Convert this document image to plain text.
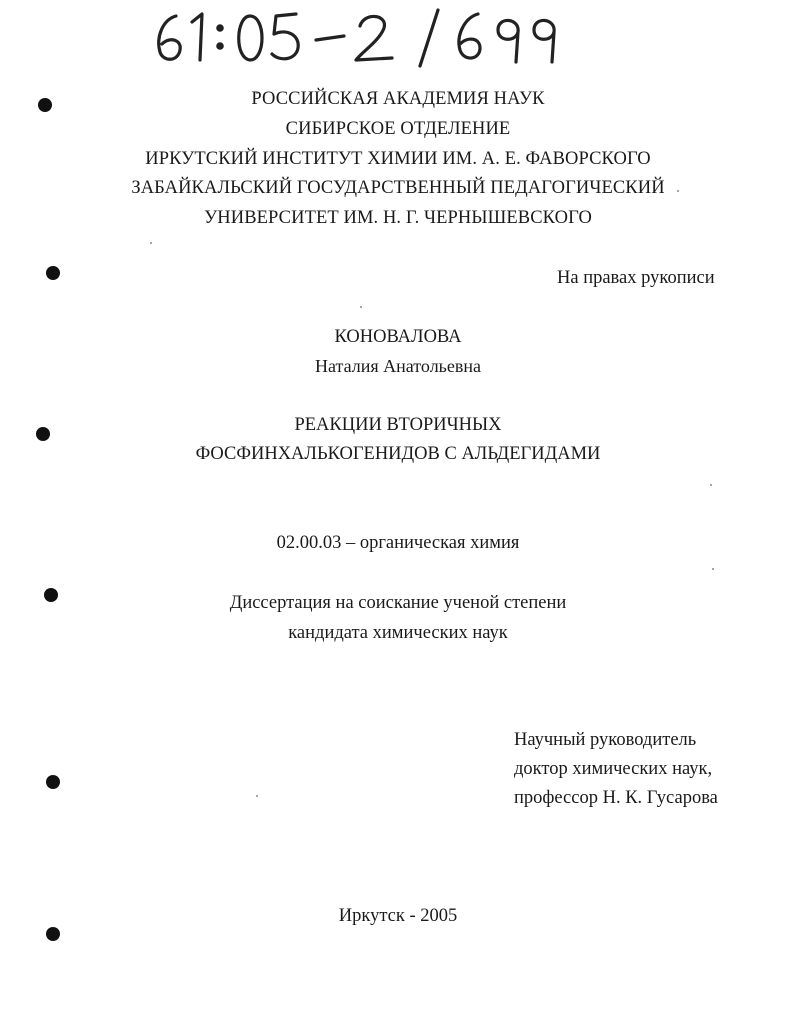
РОССИЙСКАЯ АКАДЕМИЯ НАУК
СИБИРСКОЕ ОТДЕЛЕНИЕ
ИРКУТСКИЙ ИНСТИТУТ ХИМИИ ИМ. А. Е. ФАВОРСКОГО
ЗАБАЙКАЛЬСКИЙ ГОСУДАРСТВЕННЫЙ ПЕДАГОГИЧЕСКИЙ
УНИВЕРСИТЕТ ИМ. Н. Г. ЧЕРНЫШЕВСКОГО
На правах рукописи
КОНОВАЛОВА
Наталия Анатольевна
РЕАКЦИИ ВТОРИЧНЫХ
ФОСФИНХАЛЬКОГЕНИДОВ С АЛЬДЕГИДАМИ
02.00.03 – органическая химия
Диссертация на соискание ученой степени
кандидата химических наук
Научный руководитель
доктор химических наук,
профессор Н. К. Гусарова
Иркутск - 2005
